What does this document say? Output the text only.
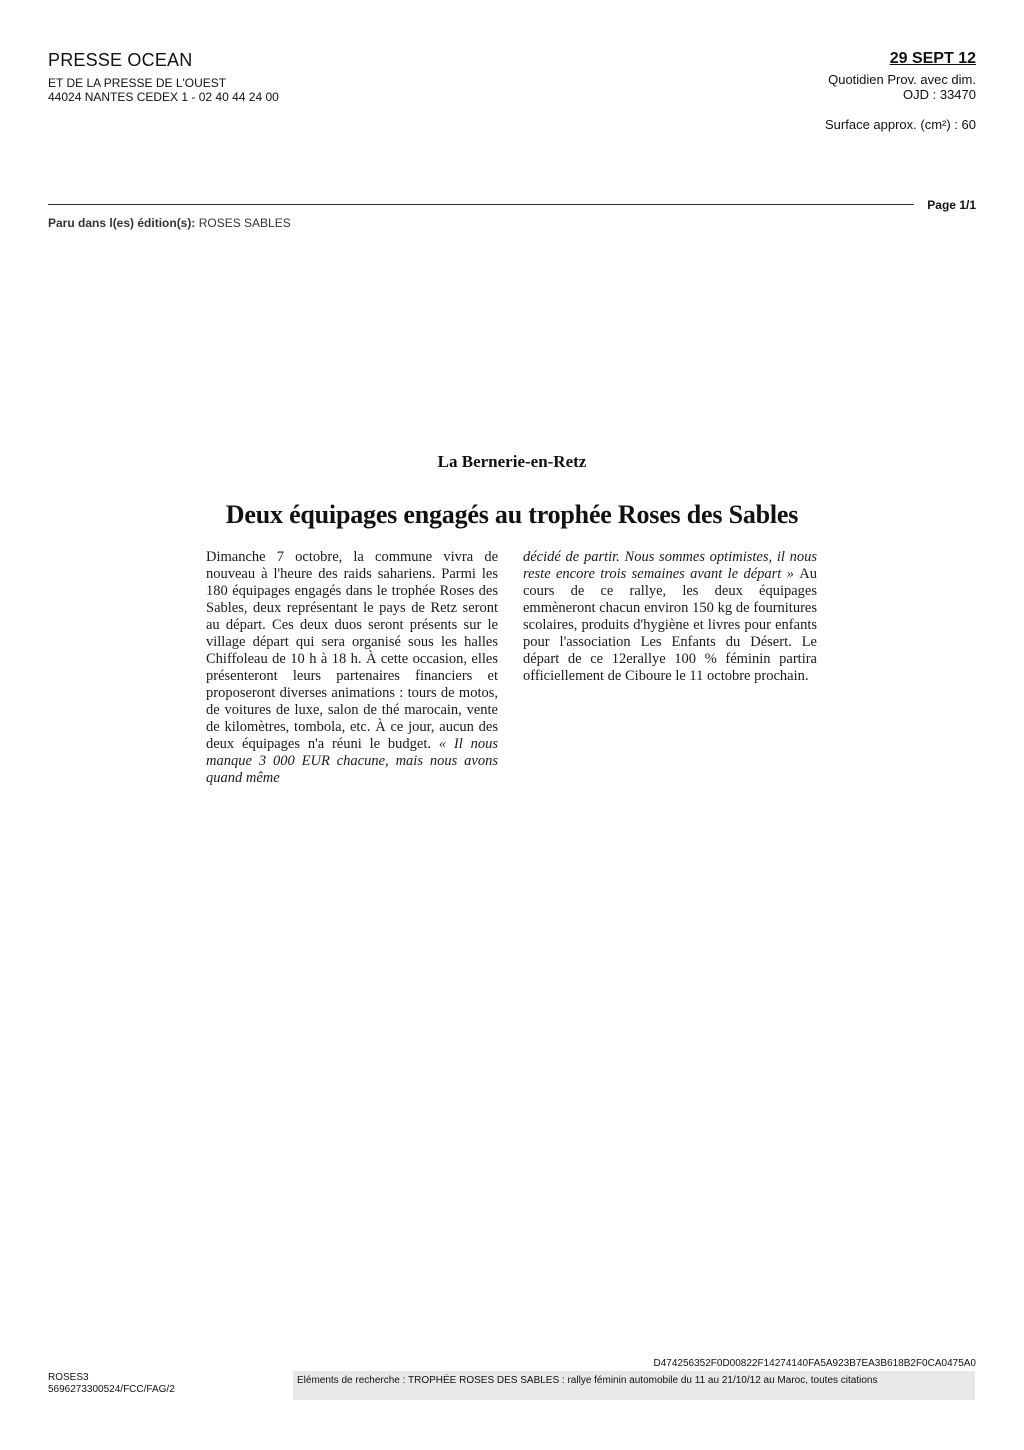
PRESSE OCEAN
ET DE LA PRESSE DE L'OUEST
44024 NANTES CEDEX 1 - 02 40 44 24 00
29 SEPT 12
Quotidien Prov. avec dim.
OJD : 33470
Surface approx. (cm²) : 60
Page 1/1
Paru dans l(es) édition(s): ROSES SABLES
La Bernerie-en-Retz
Deux équipages engagés au trophée Roses des Sables
Dimanche 7 octobre, la commune vivra de nouveau à l'heure des raids sahariens. Parmi les 180 équipages engagés dans le trophée Roses des Sables, deux représentant le pays de Retz seront au départ. Ces deux duos seront présents sur le village départ qui sera organisé sous les halles Chiffoleau de 10 h à 18 h. À cette occasion, elles présenteront leurs partenaires financiers et proposeront diverses animations : tours de motos, de voitures de luxe, salon de thé marocain, vente de kilomètres, tombola, etc. À ce jour, aucun des deux équipages n'a réuni le budget. « Il nous manque 3 000 EUR chacune, mais nous avons quand même
décidé de partir. Nous sommes optimistes, il nous reste encore trois semaines avant le départ » Au cours de ce rallye, les deux équipages emmèneront chacun environ 150 kg de fournitures scolaires, produits d'hygiène et livres pour enfants pour l'association Les Enfants du Désert. Le départ de ce 12erallye 100 % féminin partira officiellement de Ciboure le 11 octobre prochain.
D474256352F0D00822F14274140FA5A923B7EA3B618B2F0CA0475A0
ROSES3
5696273300524/FCC/FAG/2
Eléments de recherche : TROPHÉE ROSES DES SABLES : rallye féminin automobile du 11 au 21/10/12 au Maroc, toutes citations
